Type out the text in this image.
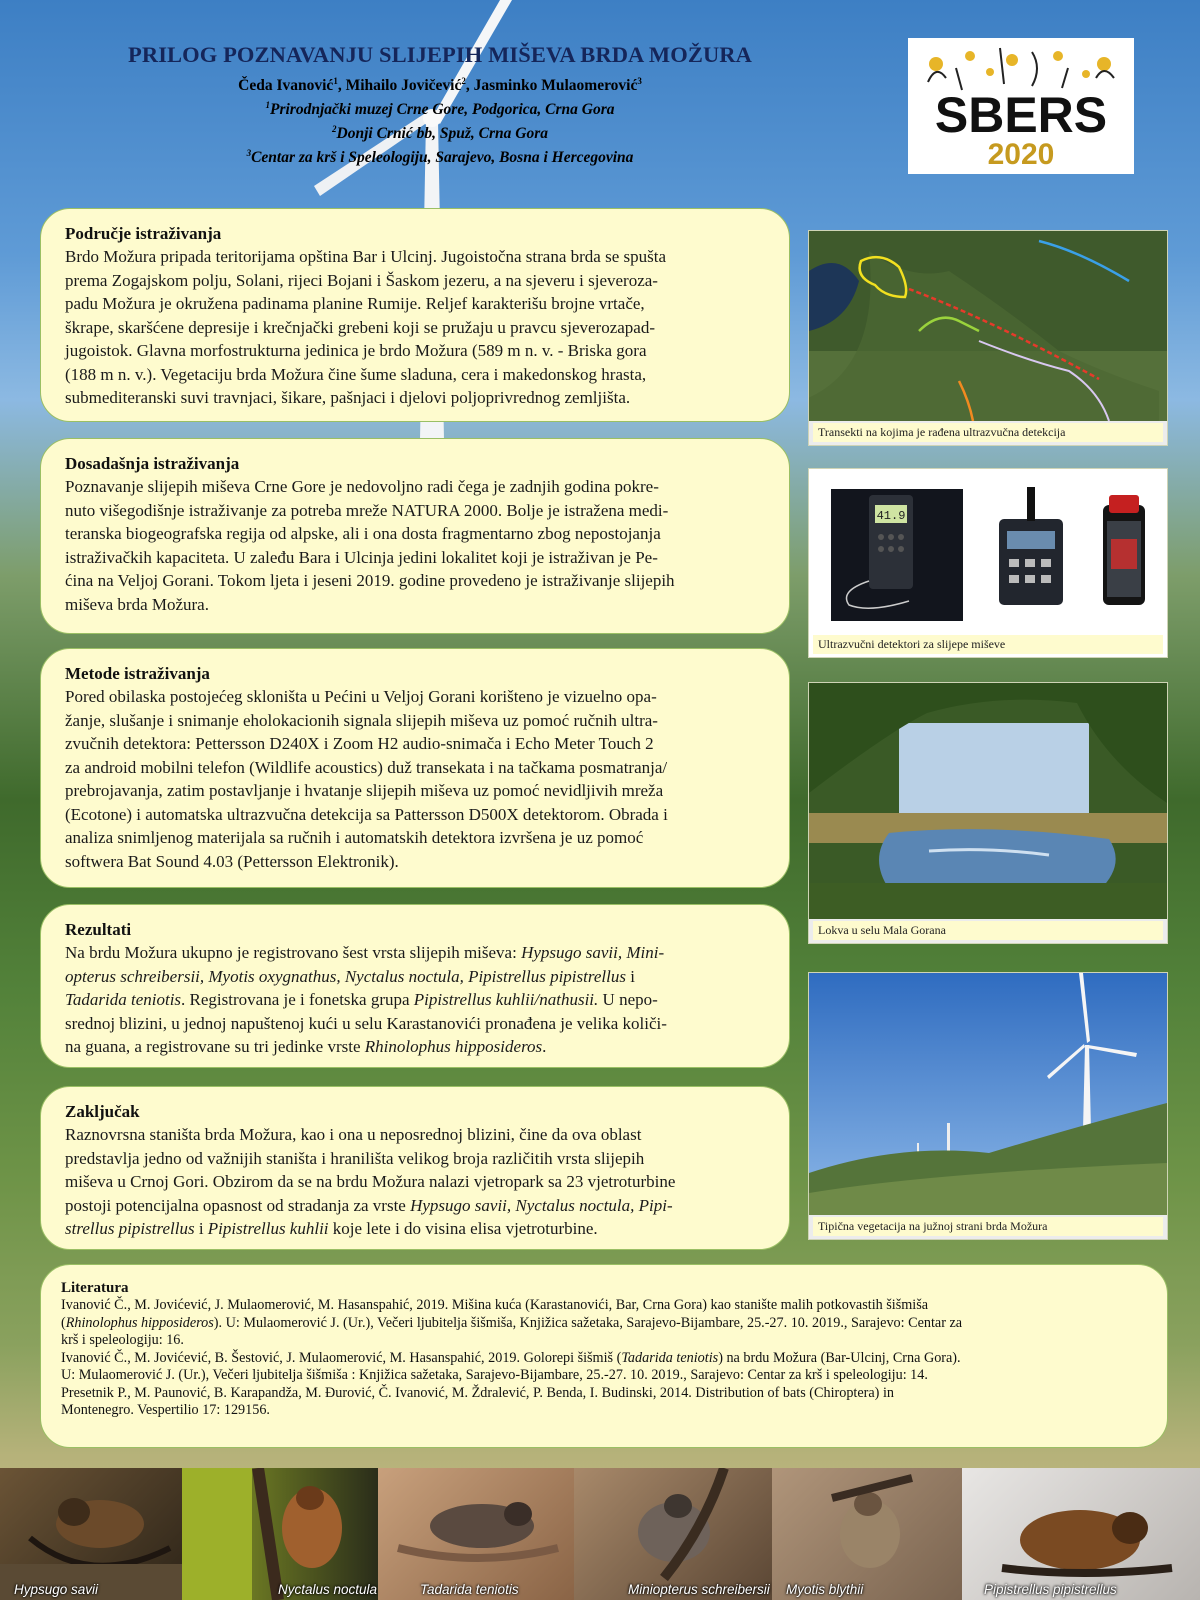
PRILOG POZNAVANJU SLIJEPIH MIŠEVA BRDA MOŽURA
Čeda Ivanović$^1$, Mihailo Jovičević$^2$, Jasminko Mulaomerović$^3$
$^1$Prirodnjački muzej Crne Gore, Podgorica, Crna Gora
$^2$Donji Crnić bb, Spuž, Crna Gora
$^3$Centar za krš i Speleologiju, Sarajevo, Bosna i Hercegovina
SBERS
2020
Područje istraživanja

Brdo Možura pripada teritorijama opština Bar i Ulcinj. Jugoistočna strana brda se spušta
prema Zogajskom polju, Solani, rijeci Bojani i Šaskom jezeru, a na sjeveru i sjeveroza-
padu Možura je okružena padinama planine Rumije. Reljef karakterišu brojne vrtače,
škrape, skaršćene depresije i krečnjački grebeni koji se pružaju u pravcu sjeverozapad-
jugoistok. Glavna morfostrukturna jedinica je brdo Možura (589 m n. v. - Briska gora
(188 m n. v.). Vegetaciju brda Možura čine šume sladuna, cera i makedonskog hrasta,
submediteranski suvi travnjaci, šikare, pašnjaci i djelovi poljoprivrednog zemljišta.

Dosadašnja istraživanja

Poznavanje slijepih miševa Crne Gore je nedovoljno radi čega je zadnjih godina pokre-
nuto višegodišnje istraživanje za potreba mreže NATURA 2000. Bolje je istražena medi-
teranska biogeografska regija od alpske, ali i ona dosta fragmentarno zbog nepostojanja
istraživačkih kapaciteta. U zaleđu Bara i Ulcinja jedini lokalitet koji je istraživan je Pe-
ćina na Veljoj Gorani. Tokom ljeta i jeseni 2019. godine provedeno je istraživanje slijepih
miševa brda Možura.

Metode istraživanja

Pored obilaska postojećeg skloništa u Pećini u Veljoj Gorani korišteno je vizuelno opa-
žanje, slušanje i snimanje eholokacionih signala slijepih miševa uz pomoć ručnih ultra-
zvučnih detektora: Pettersson D240X i Zoom H2 audio-snimača i Echo Meter Touch 2
za android mobilni telefon (Wildlife acoustics) duž transekata i na tačkama posmatranja/
prebrojavanja, zatim postavljanje i hvatanje slijepih miševa uz pomoć nevidljivih mreža
(Ecotone) i automatska ultrazvučna detekcija sa Pattersson D500X detektorom. Obrada i
analiza snimljenog materijala sa ručnih i automatskih detektora izvršena je uz pomoć
softwera Bat Sound 4.03 (Pettersson Elektronik).

Rezultati

Na brdu Možura ukupno je registrovano šest vrsta slijepih miševa: Hypsugo savii, Mini-
opterus schreibersii, Myotis oxygnathus, Nyctalus noctula, Pipistrellus pipistrellus i
Tadarida teniotis. Registrovana je i fonetska grupa Pipistrellus kuhlii/nathusii. U nepo-
srednoj blizini, u jednoj napuštenoj kući u selu Karastanovići pronađena je velika količi-
na guana, a registrovane su tri jedinke vrste Rhinolophus hipposideros.

Zaključak

Raznovrsna staništa brda Možura, kao i ona u neposrednoj blizini, čine da ova oblast
predstavlja jedno od važnijih staništa i hranilišta velikog broja različitih vrsta slijepih
miševa u Crnoj Gori. Obzirom da se na brdu Možura nalazi vjetropark sa 23 vjetroturbine
postoji potencijalna opasnost od stradanja za vrste Hypsugo savii, Nyctalus noctula, Pipi-
strellus pipistrellus i Pipistrellus kuhlii koje lete i do visina elisa vjetroturbine.

Transekti na kojima je rađena ultrazvučna detekcija
41.9
Ultrazvučni detektori za slijepe miševe
Lokva u selu Mala Gorana
Tipična vegetacija na južnoj strani brda Možura
Literatura

Ivanović Č., M. Jovićević, J. Mulaomerović, M. Hasanspahić, 2019. Mišina kuća (Karastanovići, Bar, Crna Gora) kao stanište malih potkovastih šišmiša
(Rhinolophus hipposideros). U: Mulaomerović J. (Ur.), Večeri ljubitelja šišmiša, Knjižica sažetaka, Sarajevo-Bijambare, 25.-27. 10. 2019., Sarajevo: Centar za
krš i speleologiju: 16.

Ivanović Č., M. Jovićević, B. Šestović, J. Mulaomerović, M. Hasanspahić, 2019. Golorepi šišmiš (Tadarida teniotis) na brdu Možura (Bar-Ulcinj, Crna Gora).
U: Mulaomerović J. (Ur.), Večeri ljubitelja šišmiša : Knjižica sažetaka, Sarajevo-Bijambare, 25.-27. 10. 2019., Sarajevo: Centar za krš i speleologiju: 14.

Presetnik P., M. Paunović, B. Karapandža, M. Đurović, Č. Ivanović, M. Ždralević, P. Benda, I. Budinski, 2014. Distribution of bats (Chiroptera) in
Montenegro. Vespertilio 17: 129156.

Hypsugo savii	Nyctalus noctula	Tadarida teniotis	Miniopterus schreibersii Myotis blythii	Pipistrellus pipistrellus
